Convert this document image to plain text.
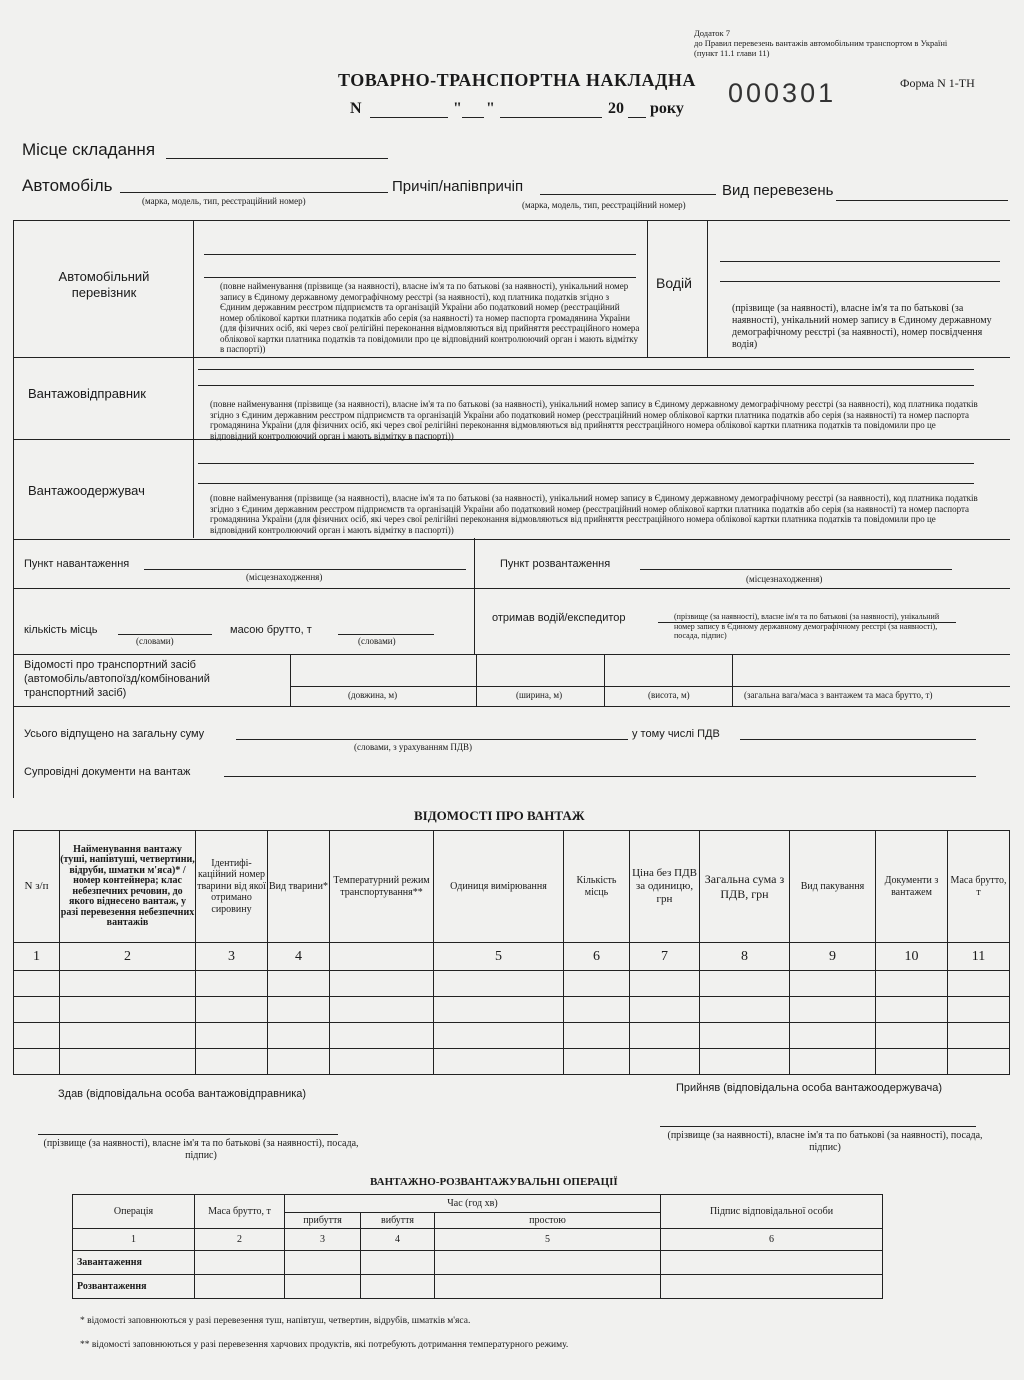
Додаток 7
до Правил перевезень вантажів автомобільним транспортом в Україні
(пункт 11.1 глави 11)
ТОВАРНО-ТРАНСПОРТНА НАКЛАДНА 000301	Форма N 1-ТН
N	" "	20 року
Місце складання
Автомобіль
(марка, модель, тип, реєстраційний номер)
Причіп/напівпричіп
(марка, модель, тип, реєстраційний номер)
Вид перевезень
Автомобільний перевізник	(повне найменування (прізвище (за наявності), власне ім'я та по батькові (за наявності), унікальний номер запису в Єдиному державному демографічному реєстрі (за наявності), код платника податків згідно з Єдиним державним реєстром підприємств та організацій України або податковий номер (реєстраційний номер облікової картки платника податків або серія (за наявності) та номер паспорта громадянина України (для фізичних осіб, які через свої релігійні переконання відмовляються від прийняття реєстраційного номера облікової картки платника податків та повідомили про це відповідний контролюючий орган і мають відмітку в паспорті))
Водій
(прізвище (за наявності), власне ім'я та по батькові (за наявності), унікальний номер запису в Єдиному державному демографічному реєстрі (за наявності), номер посвідчення водія)
Вантажовідправник
(повне найменування (прізвище (за наявності), власне ім'я та по батькові (за наявності), унікальний номер запису в Єдиному державному демографічному реєстрі (за наявності), код платника податків згідно з Єдиним державним реєстром підприємств та організацій України або податковий номер (реєстраційний номер облікової картки платника податків або серія (за наявності) та номер паспорта громадянина України (для фізичних осіб, які через свої релігійні переконання відмовляються від прийняття реєстраційного номера облікової картки платника податків та повідомили про це відповідний контролюючий орган і мають відмітку в паспорті))
Вантажоодержувач	(повне найменування (прізвище (за наявності), власне ім'я та по батькові (за наявності), унікальний номер запису в Єдиному державному демографічному реєстрі (за наявності), код платника податків згідно з Єдиним державним реєстром підприємств та організацій України або податковий номер (реєстраційний номер облікової картки платника податків або серія (за наявності) та номер паспорта громадянина України (для фізичних осіб, які через свої релігійні переконання відмовляються від прийняття реєстраційного номера облікової картки платника податків та повідомили про це відповідний контролюючий орган і мають відмітку в паспорті))
Пункт навантаження
(місцезнаходження)
Пункт розвантаження
(місцезнаходження)
кількість місць
(словами)
масою брутто, т
(словами)
отримав водій/експедитор	(прізвище (за наявності), власне ім'я та по батькові (за наявності), унікальний номер запису в Єдиному державному демографічному реєстрі (за наявності), посада, підпис)
Відомості про транспортний засіб (автомобіль/автопоїзд/комбінований транспортний засіб)	(довжина, м)	(ширина, м)	(висота, м)	(загальна вага/маса з вантажем та маса брутто, т)
Усього відпущено на загальну суму
(словами, з урахуванням ПДВ)
у тому числі ПДВ
Супровідні документи на вантаж
ВІДОМОСТІ ПРО ВАНТАЖ
N з/п	Найменування вантажу (туші, напівтуші, четвертини, відруби, шматки м'яса)* / номер контейнера; клас небезпечних речовин, до якого віднесено вантаж, у разі перевезення небезпечних вантажів	Ідентифі-каційний номер тварини від якої отримано сировину	Вид тварини*	Температурний режим транспортування**	Одиниця вимірювання	Кількість місць	Ціна без ПДВ за одиницю, грн	Загальна сума з ПДВ, грн	Вид пакування	Документи з вантажем	Маса брутто, т
1	2	3	4		5	6	7	8	9	10	11

Здав (відповідальна особа вантажовідправника)
(прізвище (за наявності), власне ім'я та по батькові (за наявності), посада, підпис)
Прийняв (відповідальна особа вантажоодержувача)
(прізвище (за наявності), власне ім'я та по батькові (за наявності), посада, підпис)
ВАНТАЖНО-РОЗВАНТАЖУВАЛЬНІ ОПЕРАЦІЇ
Операція	Маса брутто, т	Час (год хв)			Підпис відповідальної особи
		прибуття	вибуття	простою	
1	2	3	4	5	6
Завантаження					
Розвантаження					
* відомості заповнюються у разі перевезення туш, напівтуш, четвертин, відрубів, шматків м'яса.
** відомості заповнюються у разі перевезення харчових продуктів, які потребують дотримання температурного режиму.
